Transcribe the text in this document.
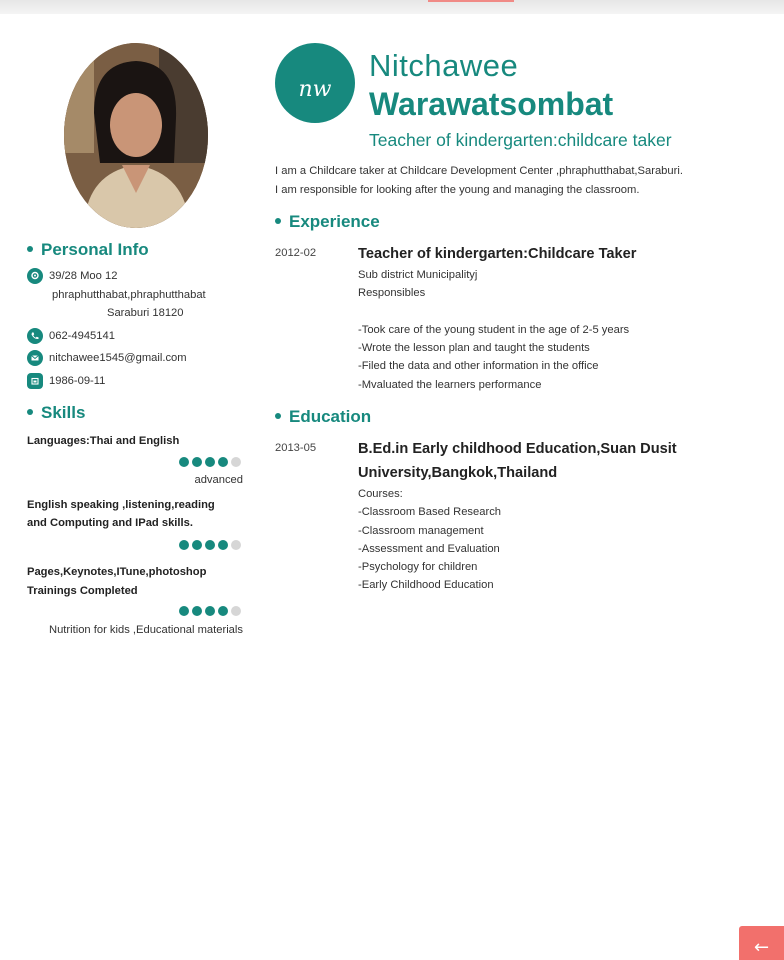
nw
Nitchawee
Warawatsombat
Teacher of kindergarten:childcare taker
I am a Childcare taker at Childcare Development Center ,phraphutthabat,Saraburi.
I am responsible for looking after the young and managing the classroom.
Personal Info
39/28 Moo 12
phraphutthabat,phraphutthabat
Saraburi 18120
062-4945141
nitchawee1545@gmail.com
1986-09-11
Skills
Languages:Thai and English
advanced
English speaking ,listening,reading
and Computing and IPad skills.
Pages,Keynotes,ITune,photoshop
Trainings Completed
Nutrition for kids ,Educational materials
Experience
2012-02	Teacher of kindergarten:Childcare Taker
Sub district Municipalityj
Responsibles
-Took care of the young student in the age of 2-5 years
-Wrote the lesson plan and taught the students
-Filed the data and other information in the office
-Mvaluated the learners performance
Education
2013-05	B.Ed.in Early childhood Education,Suan Dusit
University,Bangkok,Thailand
Courses:
-Classroom Based Research
-Classroom management
-Assessment and Evaluation
-Psychology for children
-Early Childhood Education
←
